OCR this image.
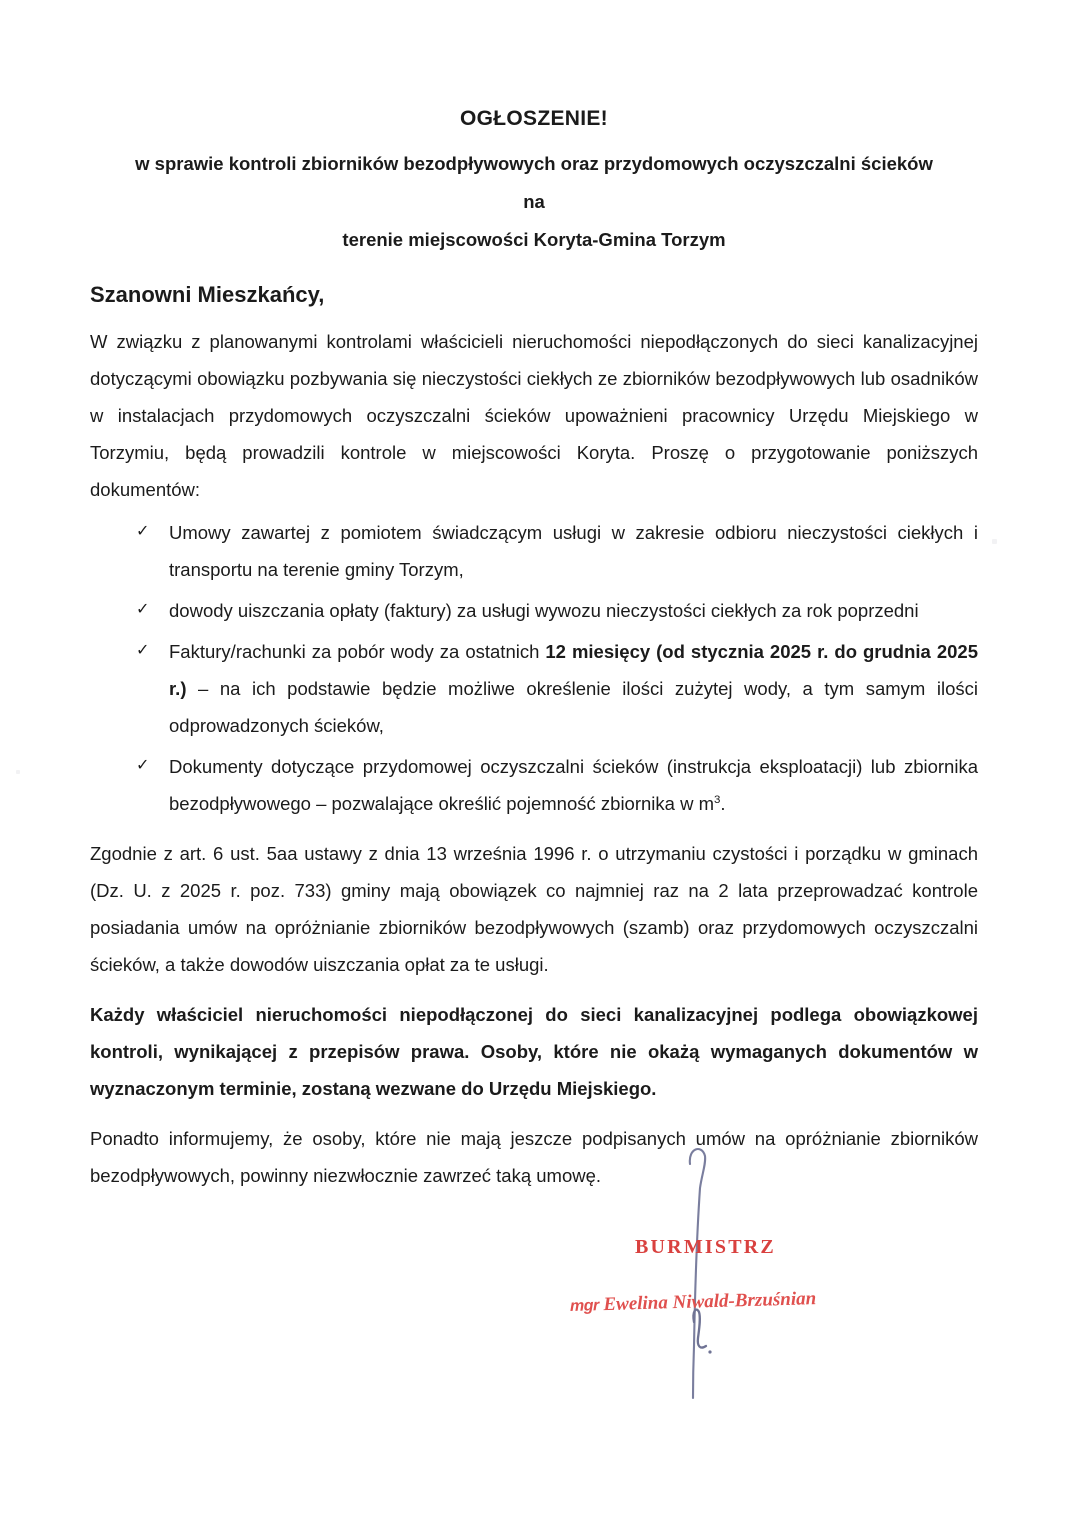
OGŁOSZENIE!
w sprawie kontroli zbiorników bezodpływowych oraz przydomowych oczyszczalni ścieków na
terenie miejscowości Koryta-Gmina Torzym
Szanowni Mieszkańcy,

W związku z planowanymi kontrolami właścicieli nieruchomości niepodłączonych do sieci kanalizacyjnej dotyczącymi obowiązku pozbywania się nieczystości ciekłych ze zbiorników bezodpływowych lub osadników w instalacjach przydomowych oczyszczalni ścieków upoważnieni pracownicy Urzędu Miejskiego w Torzymiu, będą prowadzili kontrole w miejscowości Koryta. Proszę o przygotowanie poniższych dokumentów:

✓ Umowy zawartej z pomiotem świadczącym usługi w zakresie odbioru nieczystości ciekłych i transportu na terenie gminy Torzym,
✓ dowody uiszczania opłaty (faktury) za usługi wywozu nieczystości ciekłych za rok poprzedni
✓ Faktury/rachunki za pobór wody za ostatnich 12 miesięcy (od stycznia 2025 r. do grudnia 2025 r.) – na ich podstawie będzie możliwe określenie ilości zużytej wody, a tym samym ilości odprowadzonych ścieków,
✓ Dokumenty dotyczące przydomowej oczyszczalni ścieków (instrukcja eksploatacji) lub zbiornika bezodpływowego – pozwalające określić pojemność zbiornika w $m^3$.

Zgodnie z art. 6 ust. 5aa ustawy z dnia 13 września 1996 r. o utrzymaniu czystości i porządku w gminach (Dz. U. z 2025 r. poz. 733) gminy mają obowiązek co najmniej raz na 2 lata przeprowadzać kontrole posiadania umów na opróżnianie zbiorników bezodpływowych (szamb) oraz przydomowych oczyszczalni ścieków, a także dowodów uiszczania opłat za te usługi.

Każdy właściciel nieruchomości niepodłączonej do sieci kanalizacyjnej podlega obowiązkowej kontroli, wynikającej z przepisów prawa. Osoby, które nie okażą wymaganych dokumentów w wyznaczonym terminie, zostaną wezwane do Urzędu Miejskiego.

Ponadto informujemy, że osoby, które nie mają jeszcze podpisanych umów na opróżnianie zbiorników bezodpływowych, powinny niezwłocznie zawrzeć taką umowę.

BURMISTRZ
mgr Ewelina Niwald-Brzuśnian
